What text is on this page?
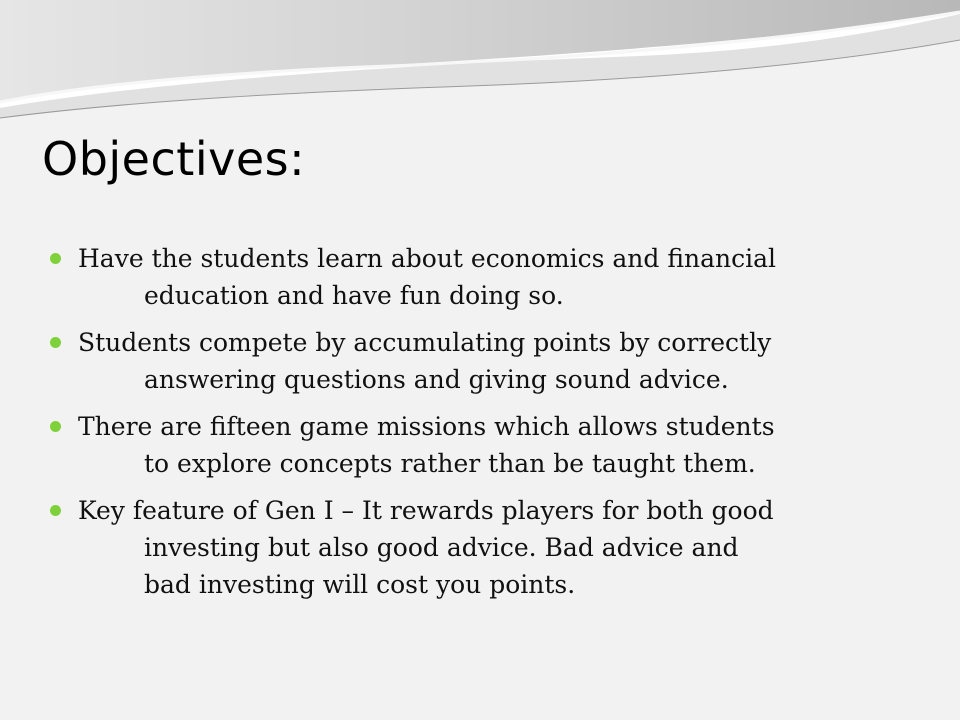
Objectives:
Have the students learn about economics and financial
education and have fun doing so.
Students compete by accumulating points by correctly
answering questions and giving sound advice.
There are fifteen game missions which allows students
to explore concepts rather than be taught them.
Key feature of Gen I – It rewards players for both good
investing but also good advice. Bad advice and
bad investing will cost you points.
